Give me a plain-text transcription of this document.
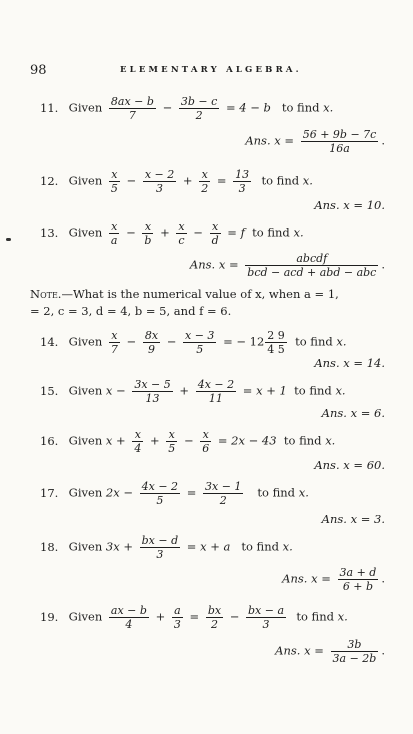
98	ELEMENTARY ALGEBRA.
11. Given $\frac{8ax - b}{7} - \frac{3b - c}{2} = 4 - b$ to find x.
Ans. $x = \frac{56 + 9b - 7c}{16a}$ .
12. Given $\frac{x}{5} - \frac{x - 2}{3} + \frac{x}{2} = \frac{13}{3}$ to find x.
Ans. x = 10.
13. Given $\frac{x}{a} - \frac{x}{b} + \frac{x}{c} - \frac{x}{d} = f$ to find x.
Ans. $x = \frac{\text{abcdf}}{\text{bcd − acd + abd − abc}}$ .
Note.—What is the numerical value of x, when a = 1,
= 2, c = 3, d = 4, b = 5, and f = 6.
14. Given $\frac{x}{7} - \frac{8x}{9} - \frac{x - 3}{5}$ = − $12 \frac{2 9}{4 5}$ to find x.
Ans. x = 14.
15. Given $x - \frac{3x - 5}{13} + \frac{4x - 2}{11} = x + 1$ to find x.
Ans. x = 6.
16. Given $x + \frac{x}{4} + \frac{x}{5} - \frac{x}{6} = 2x - 43$ to find x.
Ans. x = 60.
17. Given $2x - \frac{4x - 2}{5} = \frac{3x - 1}{2}$ to find x.
Ans. x = 3.
18. Given $3x + \frac{bx - d}{3} = x + a$ to find x.
Ans. $x = \frac{3a + d}{6 + b}$ .
19. Given $\frac{ax - b}{4} + \frac{a}{3} = \frac{bx}{2} - \frac{bx - a}{3}$ to find x.
Ans. $x = \frac{3b}{3a - 2b}$ .
